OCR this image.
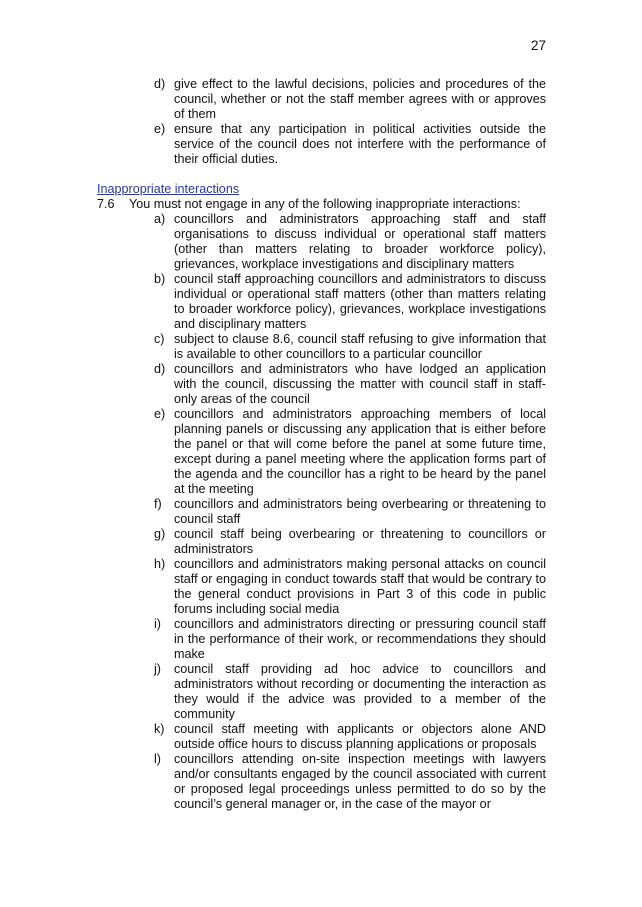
27
d) give effect to the lawful decisions, policies and procedures of the council, whether or not the staff member agrees with or approves of them
e) ensure that any participation in political activities outside the service of the council does not interfere with the performance of their official duties.
Inappropriate interactions
7.6	You must not engage in any of the following inappropriate interactions:
a) councillors and administrators approaching staff and staff organisations to discuss individual or operational staff matters (other than matters relating to broader workforce policy), grievances, workplace investigations and disciplinary matters
b) council staff approaching councillors and administrators to discuss individual or operational staff matters (other than matters relating to broader workforce policy), grievances, workplace investigations and disciplinary matters
c) subject to clause 8.6, council staff refusing to give information that is available to other councillors to a particular councillor
d) councillors and administrators who have lodged an application with the council, discussing the matter with council staff in staff-only areas of the council
e) councillors and administrators approaching members of local planning panels or discussing any application that is either before the panel or that will come before the panel at some future time, except during a panel meeting where the application forms part of the agenda and the councillor has a right to be heard by the panel at the meeting
f) councillors and administrators being overbearing or threatening to council staff
g) council staff being overbearing or threatening to councillors or administrators
h) councillors and administrators making personal attacks on council staff or engaging in conduct towards staff that would be contrary to the general conduct provisions in Part 3 of this code in public forums including social media
i)	councillors and administrators directing or pressuring council staff in the performance of their work, or recommendations they should make
j)	council staff providing ad hoc advice to councillors and administrators without recording or documenting the interaction as they would if the advice was provided to a member of the community
k) council staff meeting with applicants or objectors alone AND outside office hours to discuss planning applications or proposals
l)	councillors attending on-site inspection meetings with lawyers and/or consultants engaged by the council associated with current or proposed legal proceedings unless permitted to do so by the council’s general manager or, in the case of the mayor or
